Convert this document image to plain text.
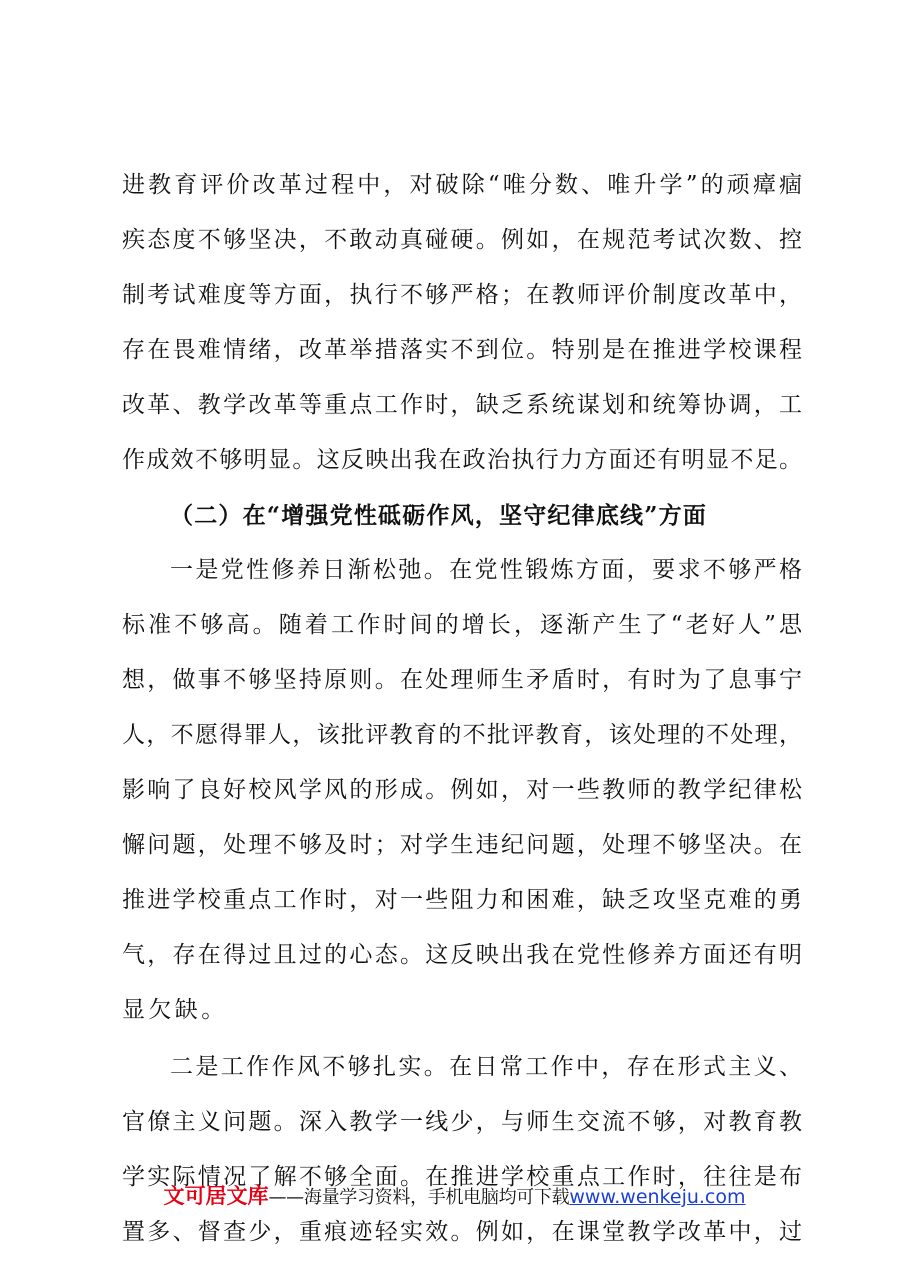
进教育评价改革过程中，对破除“唯分数、唯升学”的顽瘴痼
疾态度不够坚决，不敢动真碰硬。例如，在规范考试次数、控
制考试难度等方面，执行不够严格；在教师评价制度改革中，
存在畏难情绪，改革举措落实不到位。特别是在推进学校课程
改革、教学改革等重点工作时，缺乏系统谋划和统筹协调，工
作成效不够明显。这反映出我在政治执行力方面还有明显不足。
（二）在“增强党性砥砺作风，坚守纪律底线”方面
一是党性修养日渐松弛。在党性锻炼方面，要求不够严格
标准不够高。随着工作时间的增长，逐渐产生了“老好人”思
想，做事不够坚持原则。在处理师生矛盾时，有时为了息事宁
人，不愿得罪人，该批评教育的不批评教育，该处理的不处理，
影响了良好校风学风的形成。例如，对一些教师的教学纪律松
懈问题，处理不够及时；对学生违纪问题，处理不够坚决。在
推进学校重点工作时，对一些阻力和困难，缺乏攻坚克难的勇
气，存在得过且过的心态。这反映出我在党性修养方面还有明
显欠缺。
二是工作作风不够扎实。在日常工作中，存在形式主义、
官僚主义问题。深入教学一线少，与师生交流不够，对教育教
学实际情况了解不够全面。在推进学校重点工作时，往往是布
置多、督查少，重痕迹轻实效。例如，在课堂教学改革中，过
文可居文库——海量学习资料，手机电脑均可下载www.wenkeju.com
